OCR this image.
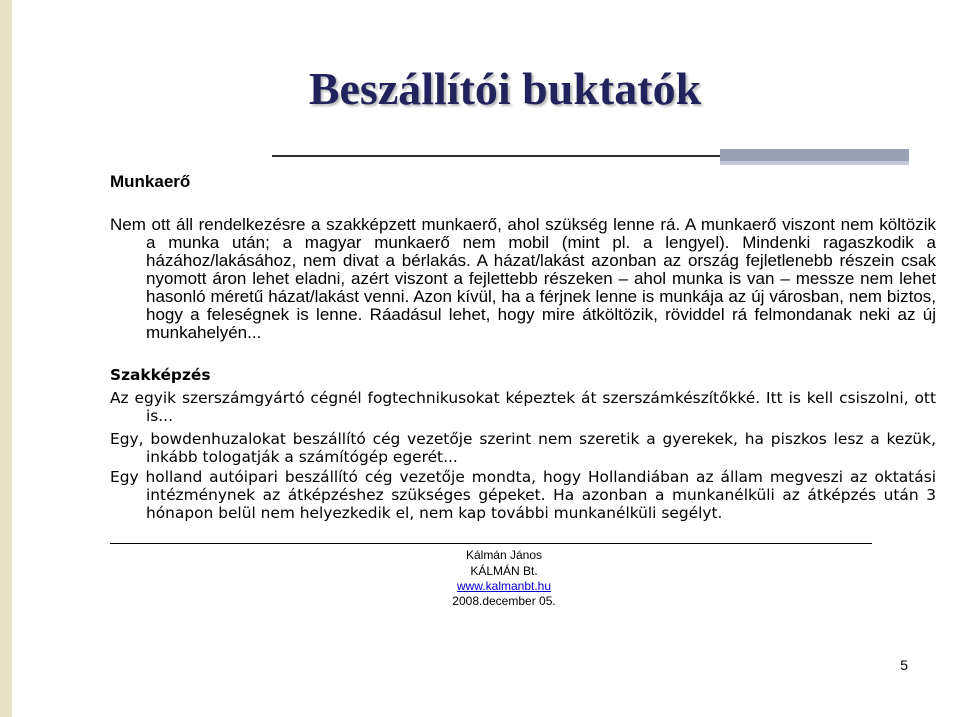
Beszállítói buktatók
Munkaerő
Nem ott áll rendelkezésre a szakképzett munkaerő, ahol szükség lenne rá. A munkaerő viszont nem költözik a munka után; a magyar munkaerő nem mobil (mint pl. a lengyel). Mindenki ragaszkodik a házához/lakásához, nem divat a bérlakás. A házat/lakást azonban az ország fejletlenebb részein csak nyomott áron lehet eladni, azért viszont a fejlettebb részeken – ahol munka is van – messze nem lehet hasonló méretű házat/lakást venni. Azon kívül, ha a férjnek lenne is munkája az új városban, nem biztos, hogy a feleségnek is lenne. Ráadásul lehet, hogy mire átköltözik, röviddel rá felmondanak neki az új munkahelyén...
Szakképzés
Az egyik szerszámgyártó cégnél fogtechnikusokat képeztek át szerszámkészítőkké. Itt is kell csiszolni, ott is...
Egy, bowdenhuzalokat beszállító cég vezetője szerint nem szeretik a gyerekek, ha piszkos lesz a kezük, inkább tologatják a számítógép egerét...
Egy holland autóipari beszállító cég vezetője mondta, hogy Hollandiában az állam megveszi az oktatási intézménynek az átképzéshez szükséges gépeket. Ha azonban a munkanélküli az átképzés után 3 hónapon belül nem helyezkedik el, nem kap további munkanélküli segélyt.
Kálmán János
KÁLMÁN Bt.
www.kalmanbt.hu
2008.december 05.
5
